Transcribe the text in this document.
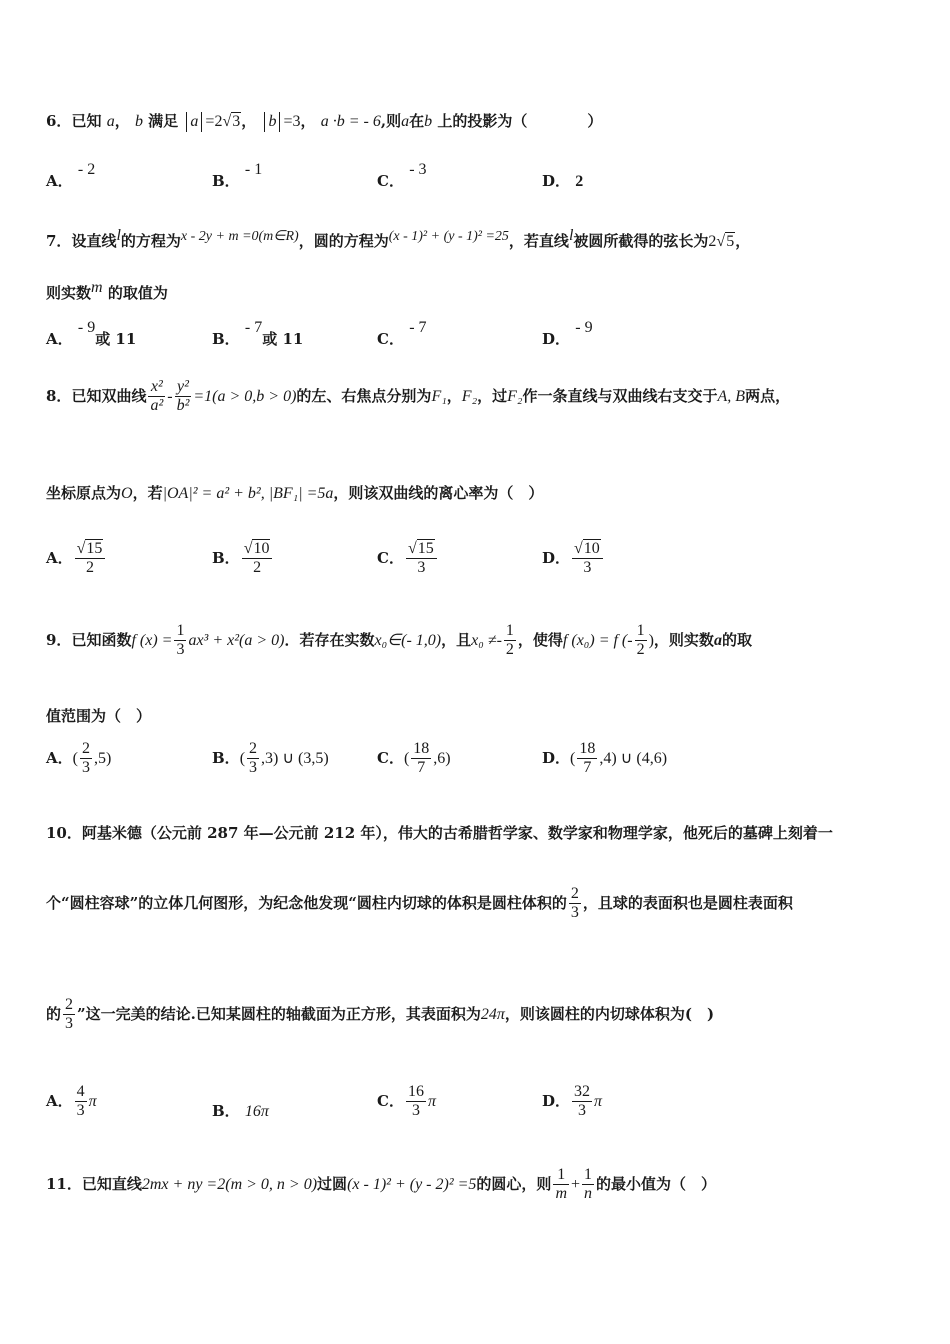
6．已知 a， b 满足 a =2√3， b =3， a ·b = - 6,则a在b 上的投影为（　　　　）
A． - 2
B． - 1
C． - 3
D． 2
7．设直线l的方程为x - 2y + m =0(m∈R)，圆的方程为(x - 1)² + (y - 1)² =25，若直线l被圆所截得的弦长为2√5，
则实数m 的取值为
A． - 9或 11	B． - 7或 11	C． - 7
D． - 9
8．已知双曲线 $\frac{\text{x²}}{\text{a²}} - \frac{\text{y²}}{\text{b²}} =1(a > 0,b > 0)$的左、右焦点分别为F₁，F₂，过F₂作一条直线与双曲线右支交于A, B两点，
坐标原点为O，若|OA|² = a² + b², |BF₁| =5a，则该双曲线的离心率为（　）
A． $\frac{√15}{2}$	B． $\frac{√10}{2}$	C． $\frac{√15}{3}$	D． $\frac{√10}{3}$
9．已知函数f $(x) = \frac{1}{3} ax^3 + x^2(a > 0)$．若存在实数x₀∈(- 1,0)，且$x_0 \ne- \frac{1}{2}$ ，使得f (x₀) = f (- $\frac{1}{2}$ )，则实数a的取
值范围为（　）
A．( $\frac{2}{3} ,5$)	B．( $\frac{2}{3} ,3$) ∪ (3,5)	C．( $\frac{18}{7} ,6$)	D．( $\frac{18}{7} ,4$) ∪ (4,6)
10．阿基米德（公元前 287 年—公元前 212 年），伟大的古希腊哲学家、数学家和物理学家，他死后的墓碑上刻着一
个“圆柱容球”的立体几何图形，为纪念他发现“圆柱内切球的体积是圆柱体积的 $\frac{2}{3}$ ，且球的表面积也是圆柱表面积
的 $\frac{2}{3}$ ”这一完美的结论.已知某圆柱的轴截面为正方形，其表面积为24π，则该圆柱的内切球体积为(　)
A． $\frac{4}{3}$ π
B． 16π
C． $\frac{16}{3}$ π	D． $\frac{32}{3}$ π
11．已知直线2mx + ny =2(m > 0, n > 0)过圆(x - 1)² + (y - 2)² =5的圆心，则 $\frac{1}{m} + \frac{1}{n}$ 的最小值为（　）
